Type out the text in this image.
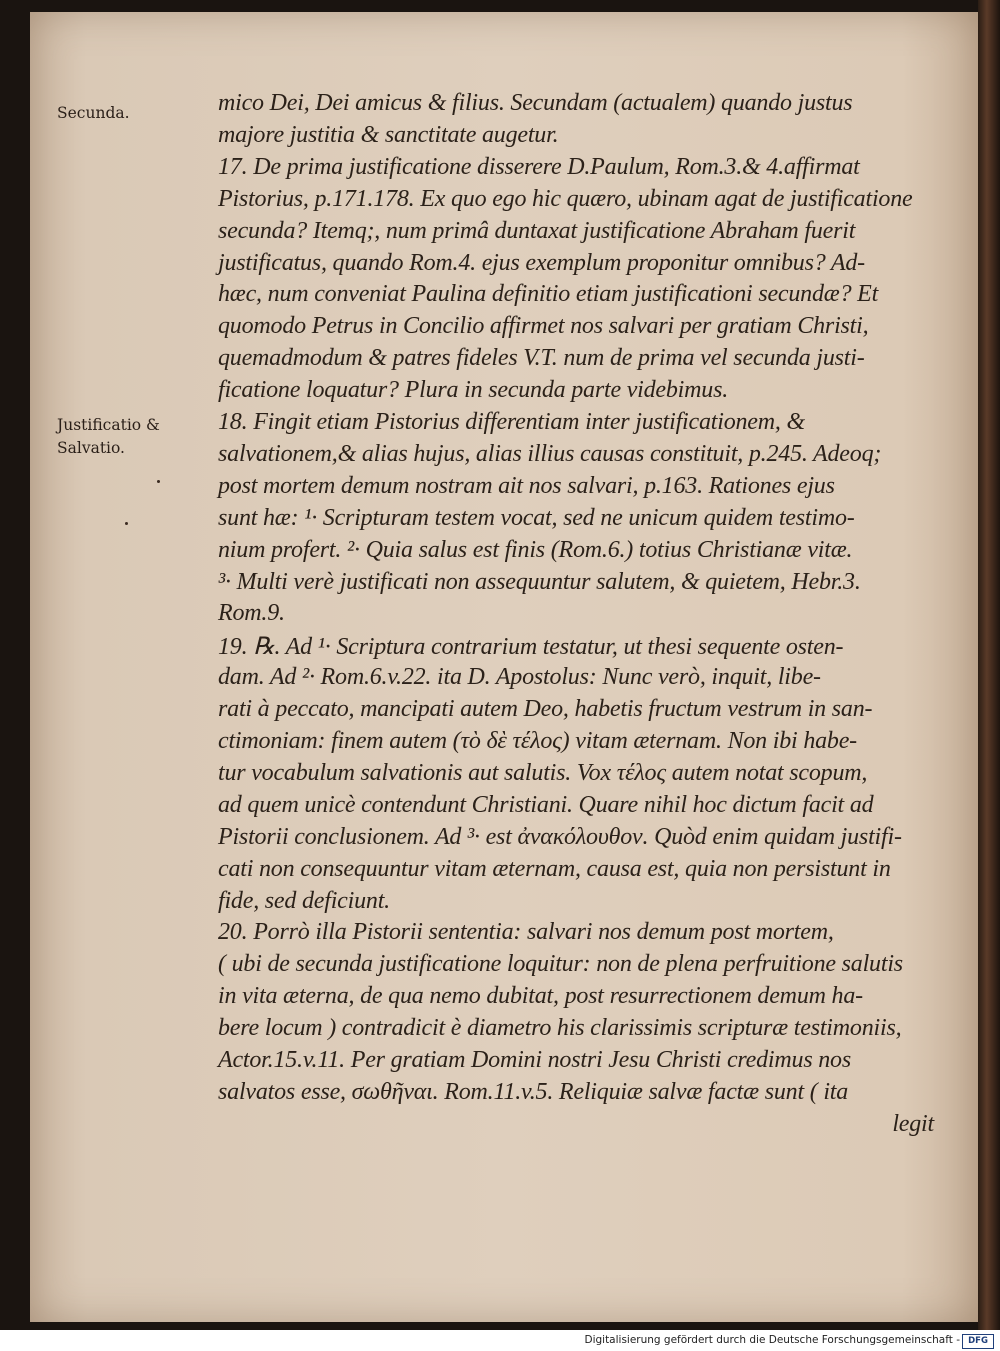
Secunda.
Justificatio &
Salvatio.
mico Dei, Dei amicus & filius. Secundam (actualem) quando justus
majore justitia & sanctitate augetur.
17. De prima justificatione disserere D.Paulum, Rom.3.& 4.affirmat
Pistorius, p.171.178. Ex quo ego hic quæro, ubinam agat de justificatione
secunda? Itemq;, num primâ duntaxat justificatione Abraham fuerit
justificatus, quando Rom.4. ejus exemplum proponitur omnibus? Ad-
hæc, num conveniat Paulina definitio etiam justificationi secundæ? Et
quomodo Petrus in Concilio affirmet nos salvari per gratiam Christi,
quemadmodum & patres fideles V.T. num de prima vel secunda justi-
ficatione loquatur? Plura in secunda parte videbimus.
18. Fingit etiam Pistorius differentiam inter justificationem, &
salvationem,& alias hujus, alias illius causas constituit, p.245. Adeoq;
post mortem demum nostram ait nos salvari, p.163. Rationes ejus
sunt hæ: ¹· Scripturam testem vocat, sed ne unicum quidem testimo-
nium profert. ²· Quia salus est finis (Rom.6.) totius Christianæ vitæ.
³· Multi verè justificati non assequuntur salutem, & quietem, Hebr.3.
Rom.9.
19. ℞. Ad ¹· Scriptura contrarium testatur, ut thesi sequente osten-
dam. Ad ²· Rom.6.v.22. ita D. Apostolus: Nunc verò, inquit, libe-
rati à peccato, mancipati autem Deo, habetis fructum vestrum in san-
ctimoniam: finem autem (τὸ δὲ τέλος) vitam æternam. Non ibi habe-
tur vocabulum salvationis aut salutis. Vox τέλος autem notat scopum,
ad quem unicè contendunt Christiani. Quare nihil hoc dictum facit ad
Pistorii conclusionem. Ad ³· est ἀνακόλουθον. Quòd enim quidam justifi-
cati non consequuntur vitam æternam, causa est, quia non persistunt in
fide, sed deficiunt.
20. Porrò illa Pistorii sententia: salvari nos demum post mortem,
( ubi de secunda justificatione loquitur: non de plena perfruitione salutis
in vita æterna, de qua nemo dubitat, post resurrectionem demum ha-
bere locum ) contradicit è diametro his clarissimis scripturæ testimoniis,
Actor.15.v.11. Per gratiam Domini nostri Jesu Christi credimus nos
salvatos esse, σωθῆναι. Rom.11.v.5. Reliquiæ salvæ factæ sunt ( ita
legit
Digitalisierung gefördert durch die Deutsche Forschungsgemeinschaft - DFG
